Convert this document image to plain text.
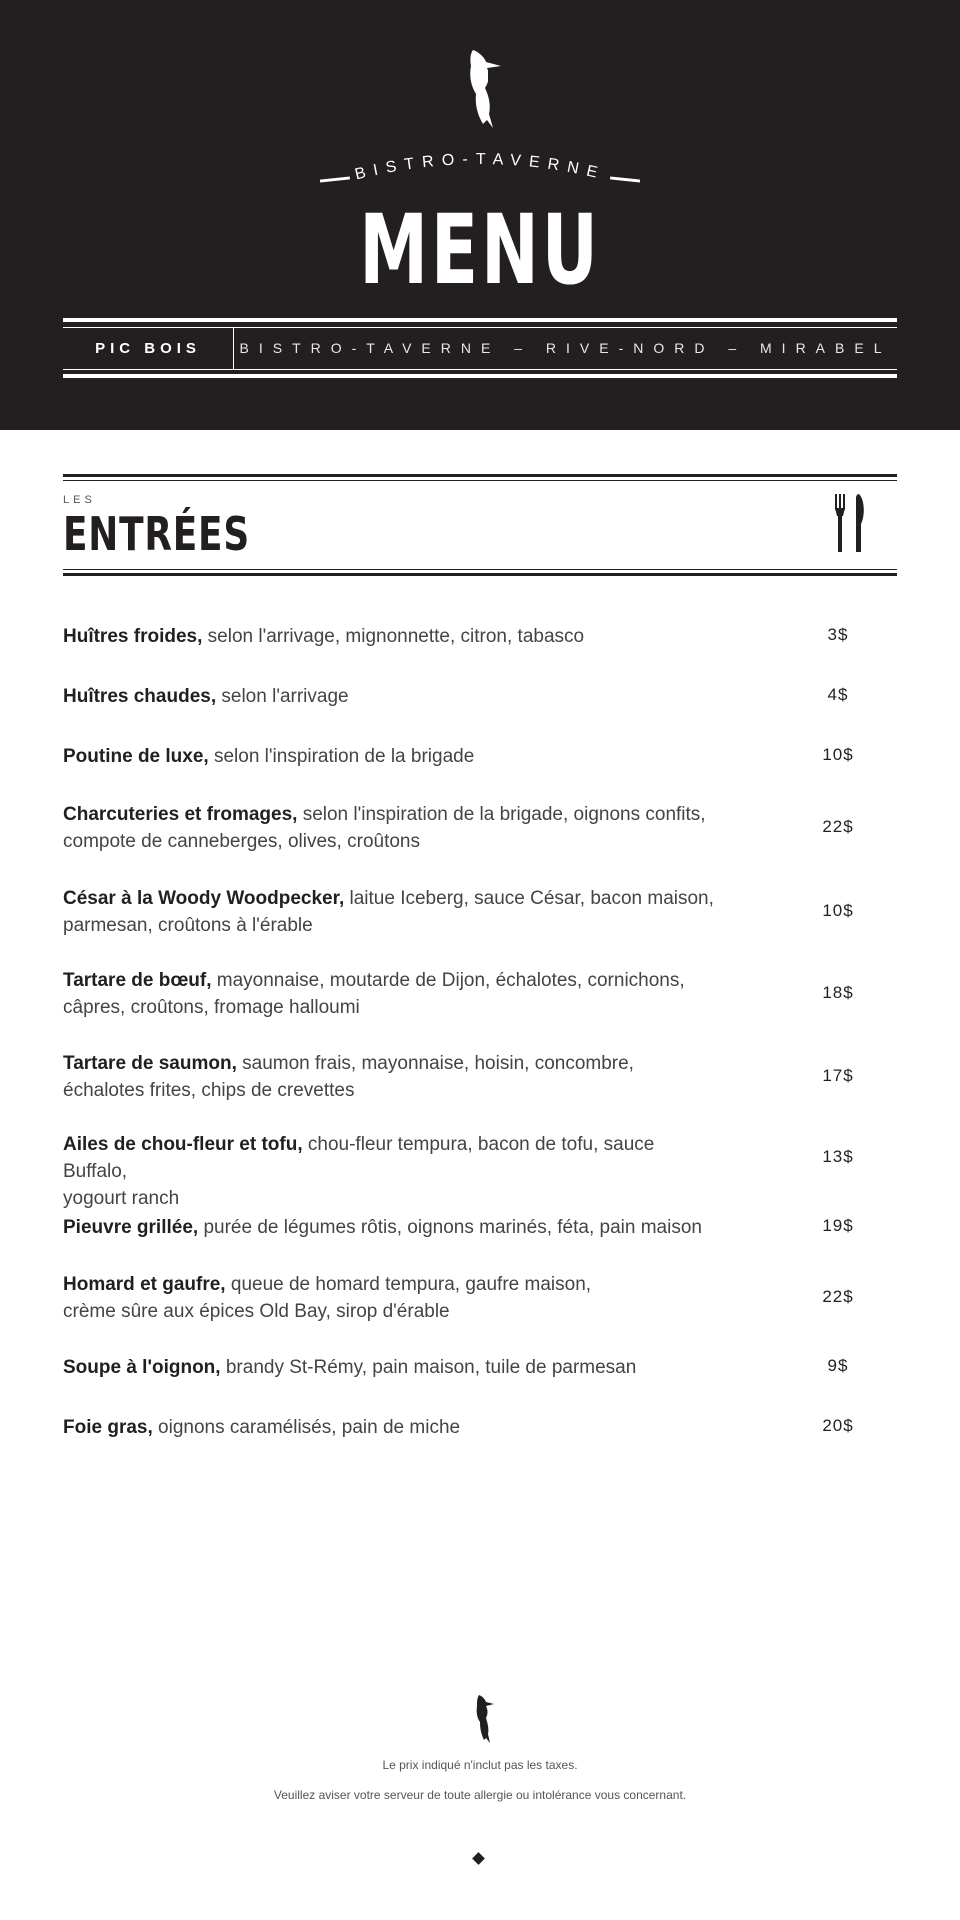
BISTRO-TAVERNE
MENU
PIC BOIS	BISTRO-TAVERNE – RIVE-NORD – MIRABEL
LES
ENTRÉES
Huîtres froides, selon l'arrivage, mignonnette, citron, tabasco	3$
Huîtres chaudes, selon l'arrivage	4$
Poutine de luxe, selon l'inspiration de la brigade	10$
Charcuteries et fromages, selon l'inspiration de la brigade, oignons confits,
compote de canneberges, olives, croûtons
22$
César à la Woody Woodpecker, laitue Iceberg, sauce César, bacon maison,
parmesan, croûtons à l'érable
10$
Tartare de bœuf, mayonnaise, moutarde de Dijon, échalotes, cornichons,
câpres, croûtons, fromage halloumi
18$
Tartare de saumon, saumon frais, mayonnaise, hoisin, concombre,
échalotes frites, chips de crevettes
17$
Ailes de chou-fleur et tofu, chou-fleur tempura, bacon de tofu, sauce Buffalo,
yogourt ranch
13$
Pieuvre grillée, purée de légumes rôtis, oignons marinés, féta, pain maison	19$
Homard et gaufre, queue de homard tempura, gaufre maison,
crème sûre aux épices Old Bay, sirop d'érable
22$
Soupe à l'oignon, brandy St-Rémy, pain maison, tuile de parmesan	9$
Foie gras, oignons caramélisés, pain de miche	20$
Le prix indiqué n'inclut pas les taxes.
Veuillez aviser votre serveur de toute allergie ou intolérance vous concernant.
